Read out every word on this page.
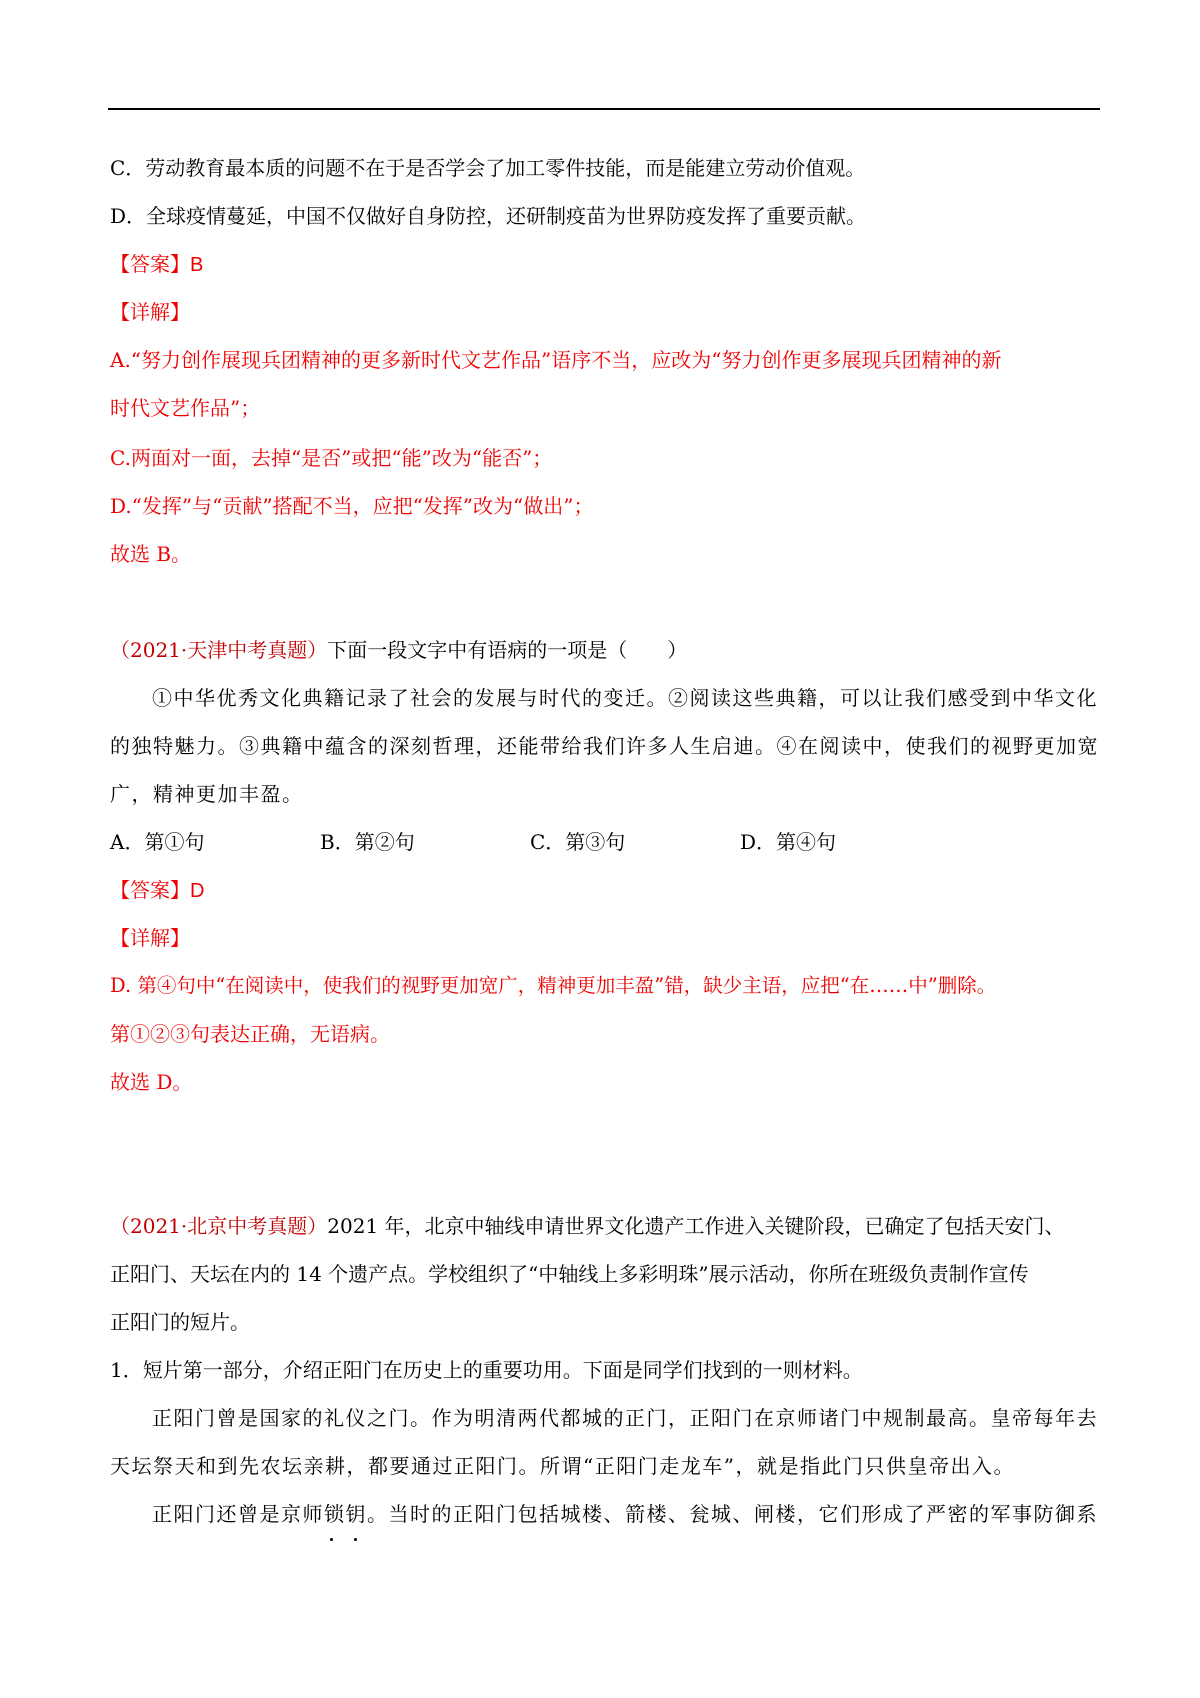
C．劳动教育最本质的问题不在于是否学会了加工零件技能，而是能建立劳动价值观。
D．全球疫情蔓延，中国不仅做好自身防控，还研制疫苗为世界防疫发挥了重要贡献。
【答案】B
【详解】
A.“努力创作展现兵团精神的更多新时代文艺作品”语序不当，应改为“努力创作更多展现兵团精神的新
时代文艺作品”；
C.两面对一面，去掉“是否”或把“能”改为“能否”；
D.“发挥”与“贡献”搭配不当，应把“发挥”改为“做出”；
故选 B。
（2021·天津中考真题）下面一段文字中有语病的一项是（　　）
①中华优秀文化典籍记录了社会的发展与时代的变迁。②阅读这些典籍，可以让我们感受到中华文化
的独特魅力。③典籍中蕴含的深刻哲理，还能带给我们许多人生启迪。④在阅读中，使我们的视野更加宽
广，精神更加丰盈。
A．第①句	B．第②句	C．第③句	D．第④句
【答案】D
【详解】
D. 第④句中“在阅读中，使我们的视野更加宽广，精神更加丰盈”错，缺少主语，应把“在……中”删除。
第①②③句表达正确，无语病。
故选 D。
（2021·北京中考真题）2021 年，北京中轴线申请世界文化遗产工作进入关键阶段，已确定了包括天安门、
正阳门、天坛在内的 14 个遗产点。学校组织了“中轴线上多彩明珠”展示活动，你所在班级负责制作宣传
正阳门的短片。
1．短片第一部分，介绍正阳门在历史上的重要功用。下面是同学们找到的一则材料。
正阳门曾是国家的礼仪之门。作为明清两代都城的正门，正阳门在京师诸门中规制最高。皇帝每年去
天坛祭天和到先农坛亲耕，都要通过正阳门。所谓“正阳门走龙车”，就是指此门只供皇帝出入。
正阳门还曾是京师锁钥。当时的正阳门包括城楼、箭楼、瓮城、闸楼，它们形成了严密的军事防御系
